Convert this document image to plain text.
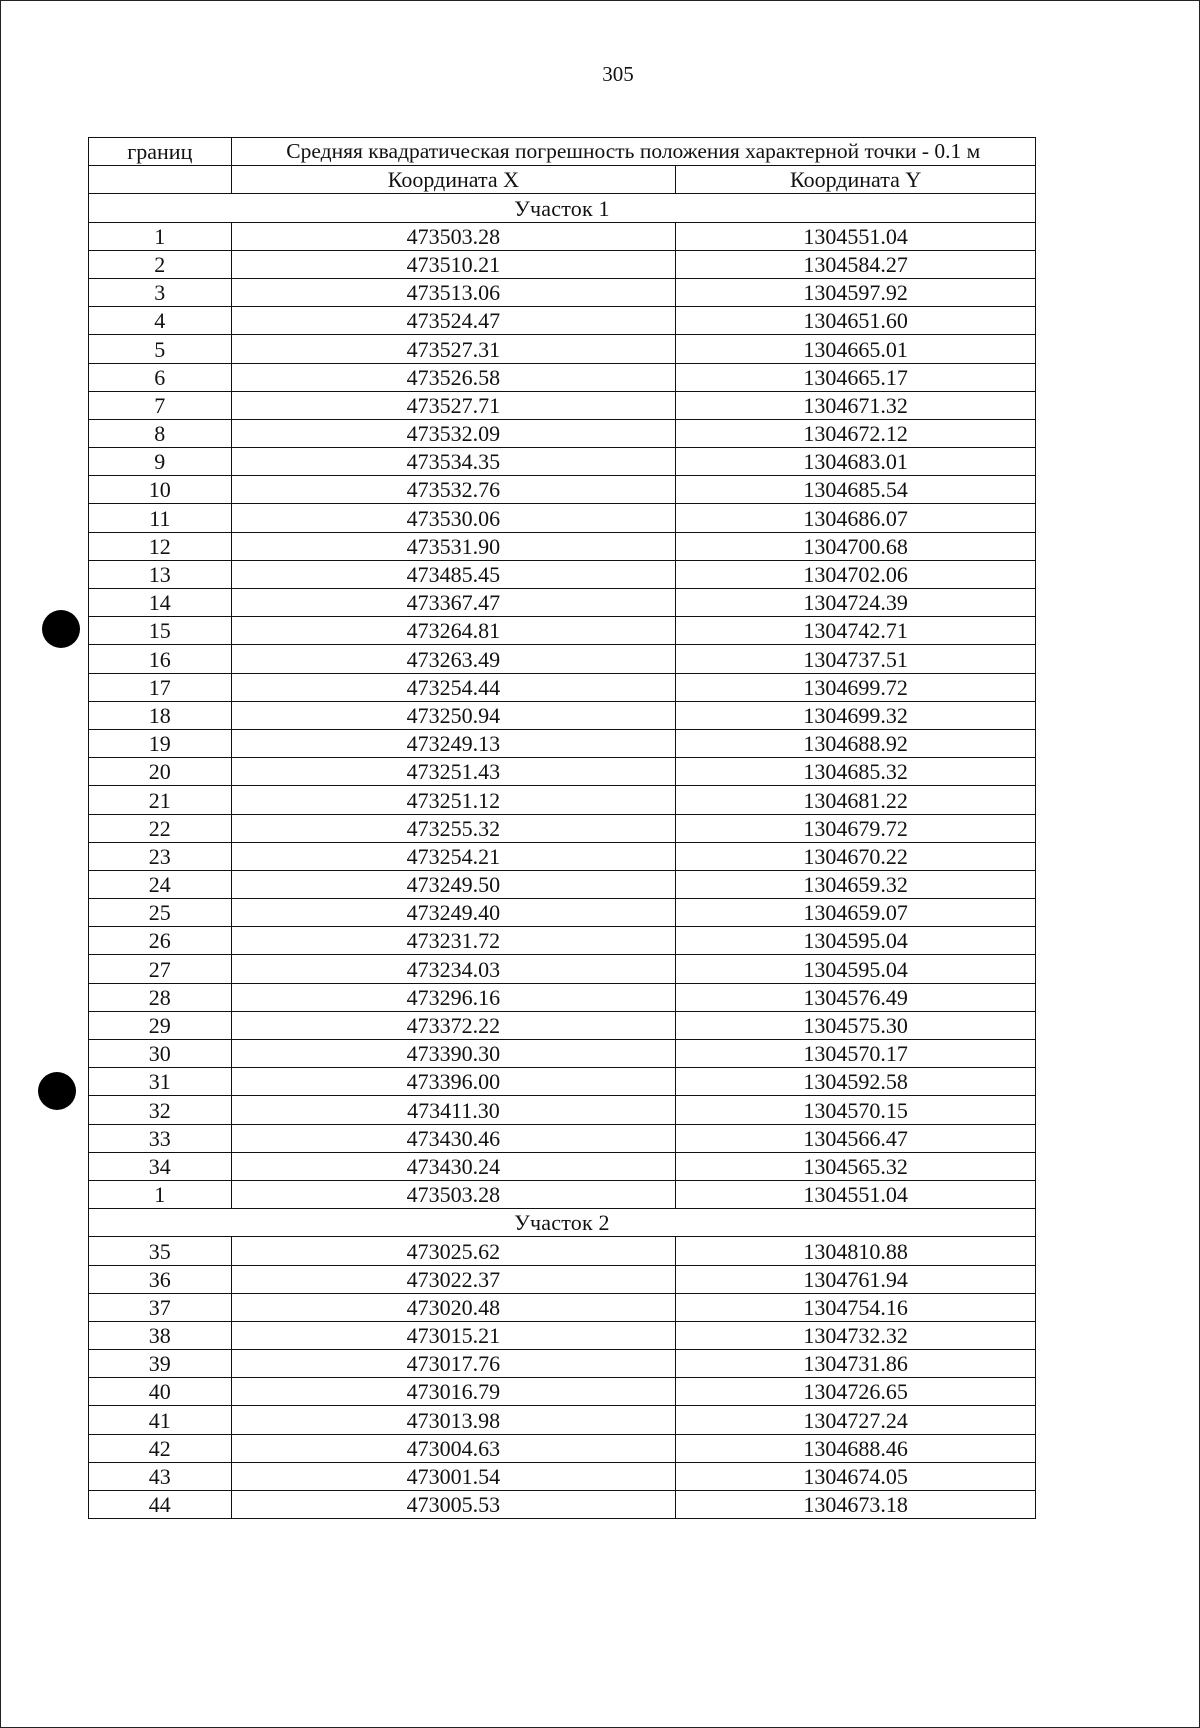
305
границ	Средняя квадратическая погрешность положения характерной точки - 0.1 м	
	Координата X	Координата Y
Участок 1		
1	473503.28	1304551.04
2	473510.21	1304584.27
3	473513.06	1304597.92
4	473524.47	1304651.60
5	473527.31	1304665.01
6	473526.58	1304665.17
7	473527.71	1304671.32
8	473532.09	1304672.12
9	473534.35	1304683.01
10	473532.76	1304685.54
11	473530.06	1304686.07
12	473531.90	1304700.68
13	473485.45	1304702.06
14	473367.47	1304724.39
15	473264.81	1304742.71
16	473263.49	1304737.51
17	473254.44	1304699.72
18	473250.94	1304699.32
19	473249.13	1304688.92
20	473251.43	1304685.32
21	473251.12	1304681.22
22	473255.32	1304679.72
23	473254.21	1304670.22
24	473249.50	1304659.32
25	473249.40	1304659.07
26	473231.72	1304595.04
27	473234.03	1304595.04
28	473296.16	1304576.49
29	473372.22	1304575.30
30	473390.30	1304570.17
31	473396.00	1304592.58
32	473411.30	1304570.15
33	473430.46	1304566.47
34	473430.24	1304565.32
1	473503.28	1304551.04
Участок 2		
35	473025.62	1304810.88
36	473022.37	1304761.94
37	473020.48	1304754.16
38	473015.21	1304732.32
39	473017.76	1304731.86
40	473016.79	1304726.65
41	473013.98	1304727.24
42	473004.63	1304688.46
43	473001.54	1304674.05
44	473005.53	1304673.18
